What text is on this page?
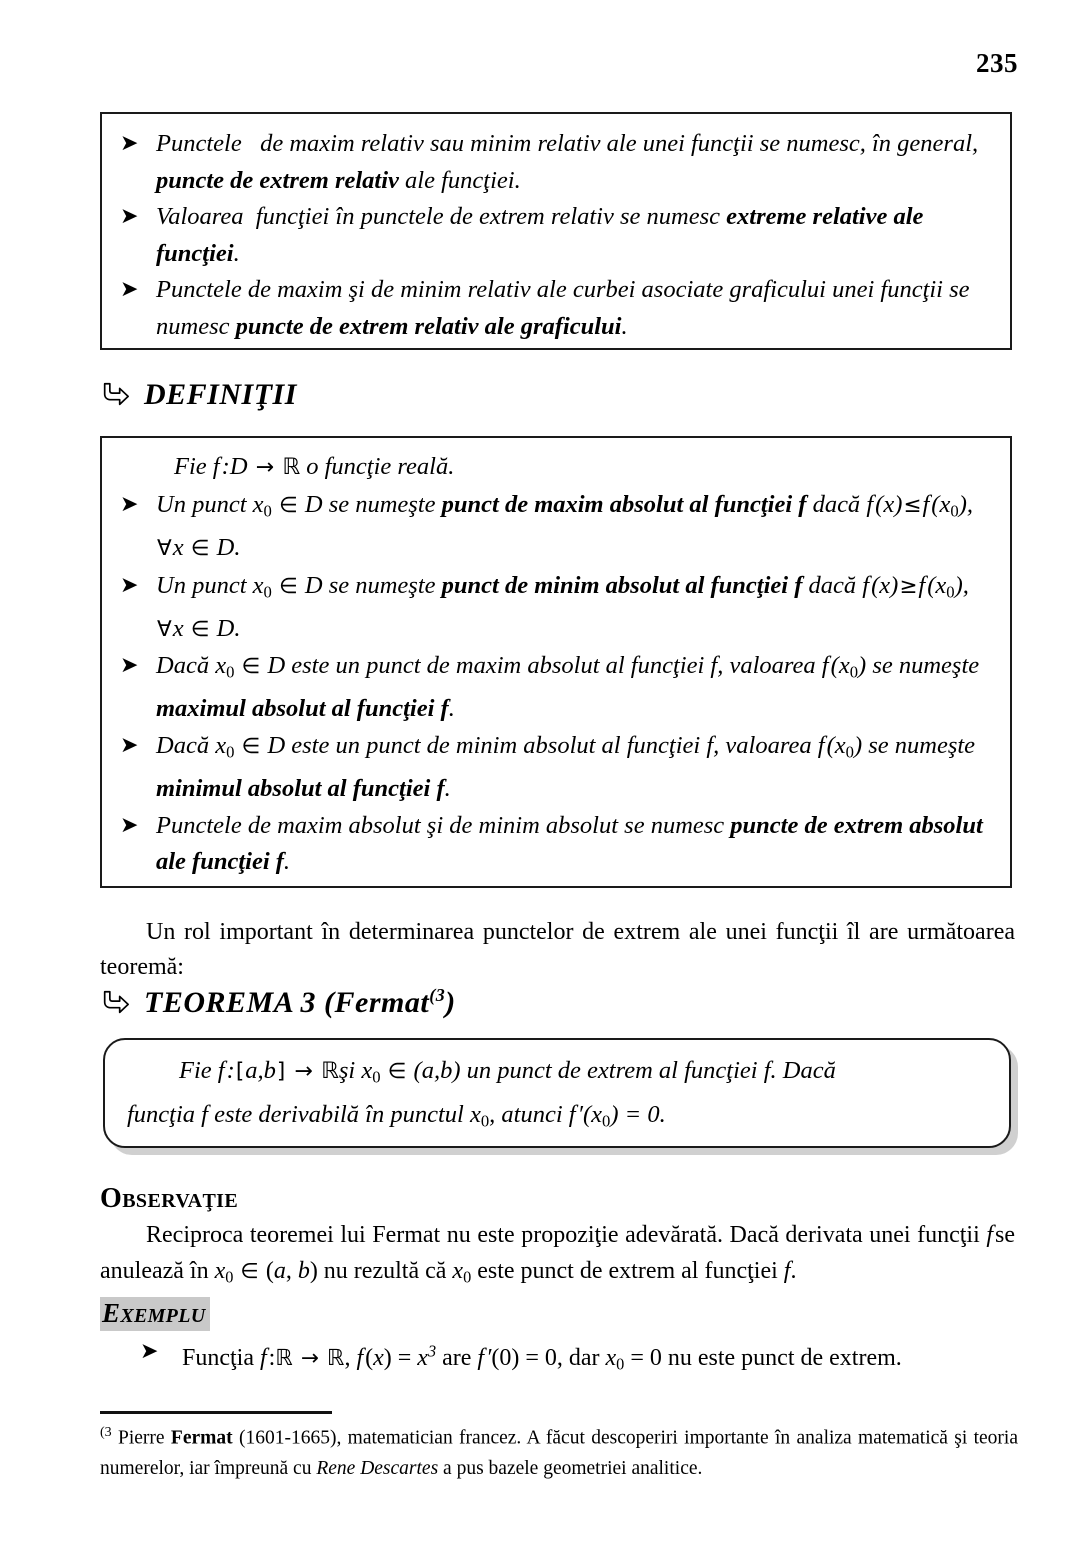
235
➤ Punctele   de maxim relativ sau minim relativ ale unei funcţii se numesc, în general, puncte de extrem relativ ale funcţiei.
➤ Valoarea  funcţiei în punctele de extrem relativ se numesc extreme relative ale funcţiei.
➤ Punctele de maxim şi de minim relativ ale curbei asociate graficului unei funcţii se numesc puncte de extrem relativ ale graficului.
DEFINIŢII
Fie f :D → ℝ o funcţie reală.
➤ Un punct $x_0$ ∈ D se numeşte punct de maxim absolut al funcţiei f dacă f (x)≤f $(x_0)$, ∀x ∈ D.
➤ Un punct $x_0$ ∈ D se numeşte punct de minim absolut al funcţiei f dacă f (x)≥f $(x_0)$, ∀x ∈ D.
➤ Dacă $x_0$ ∈ D este un punct de maxim absolut al funcţiei f, valoarea f $(x_0)$ se numeşte maximul absolut al funcţiei f.
➤ Dacă $x_0$ ∈ D este un punct de minim absolut al funcţiei f, valoarea f $(x_0)$ se numeşte minimul absolut al funcţiei f.
➤ Punctele de maxim absolut şi de minim absolut se numesc puncte de extrem absolut ale funcţiei f.
Un rol important în determinarea punctelor de extrem ale unei funcţii îl are următoarea teoremă:
TEOREMA 3 (Fermat$^{(3}$)
Fie f :[a,b] → ℝşi $x_0$ ∈ (a,b) un punct de extrem al funcţiei f. Dacă
funcţia f este derivabilă în punctul $x_0$, atunci f $'(x_0) = 0$.
OBSERVAŢIE
Reciproca teoremei lui Fermat nu este propoziţie adevărată. Dacă derivata unei funcţii f se anulează în $x_0$ ∈ (a, b) nu rezultă că $x_0$ este punct de extrem al funcţiei f.
EXEMPLU
➤ Funcţia f :ℝ → ℝ, f $(x) = x^3$ are f ′(0) = 0, dar $x_0 = 0$ nu este punct de extrem.
$^{(3}$ Pierre Fermat (1601-1665), matematician francez. A făcut descoperiri importante în analiza matematică şi teoria numerelor, iar împreună cu Rene Descartes a pus bazele geometriei analitice.
